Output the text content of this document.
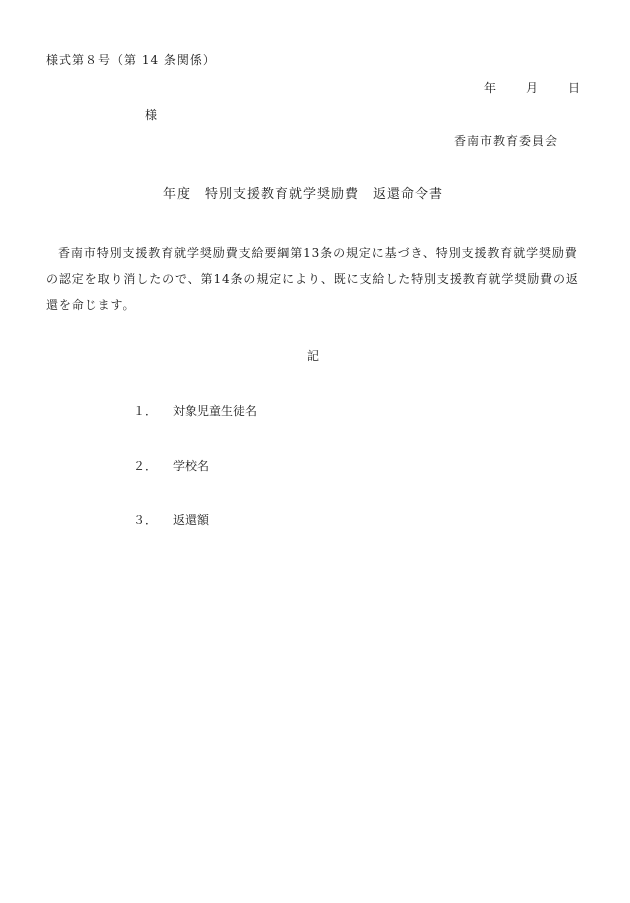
様式第８号（第 14 条関係）
年	月	日
様
香南市教育委員会
年度 特別支援教育就学奨励費　返還命令書
香南市特別支援教育就学奨励費支給要綱第13条の規定に基づき、特別支援教育就学奨励費の認定を取り消したので、第14条の規定により、既に支給した特別支援教育就学奨励費の返還を命じます。
記
１． 対象児童生徒名
２． 学校名
３． 返還額
